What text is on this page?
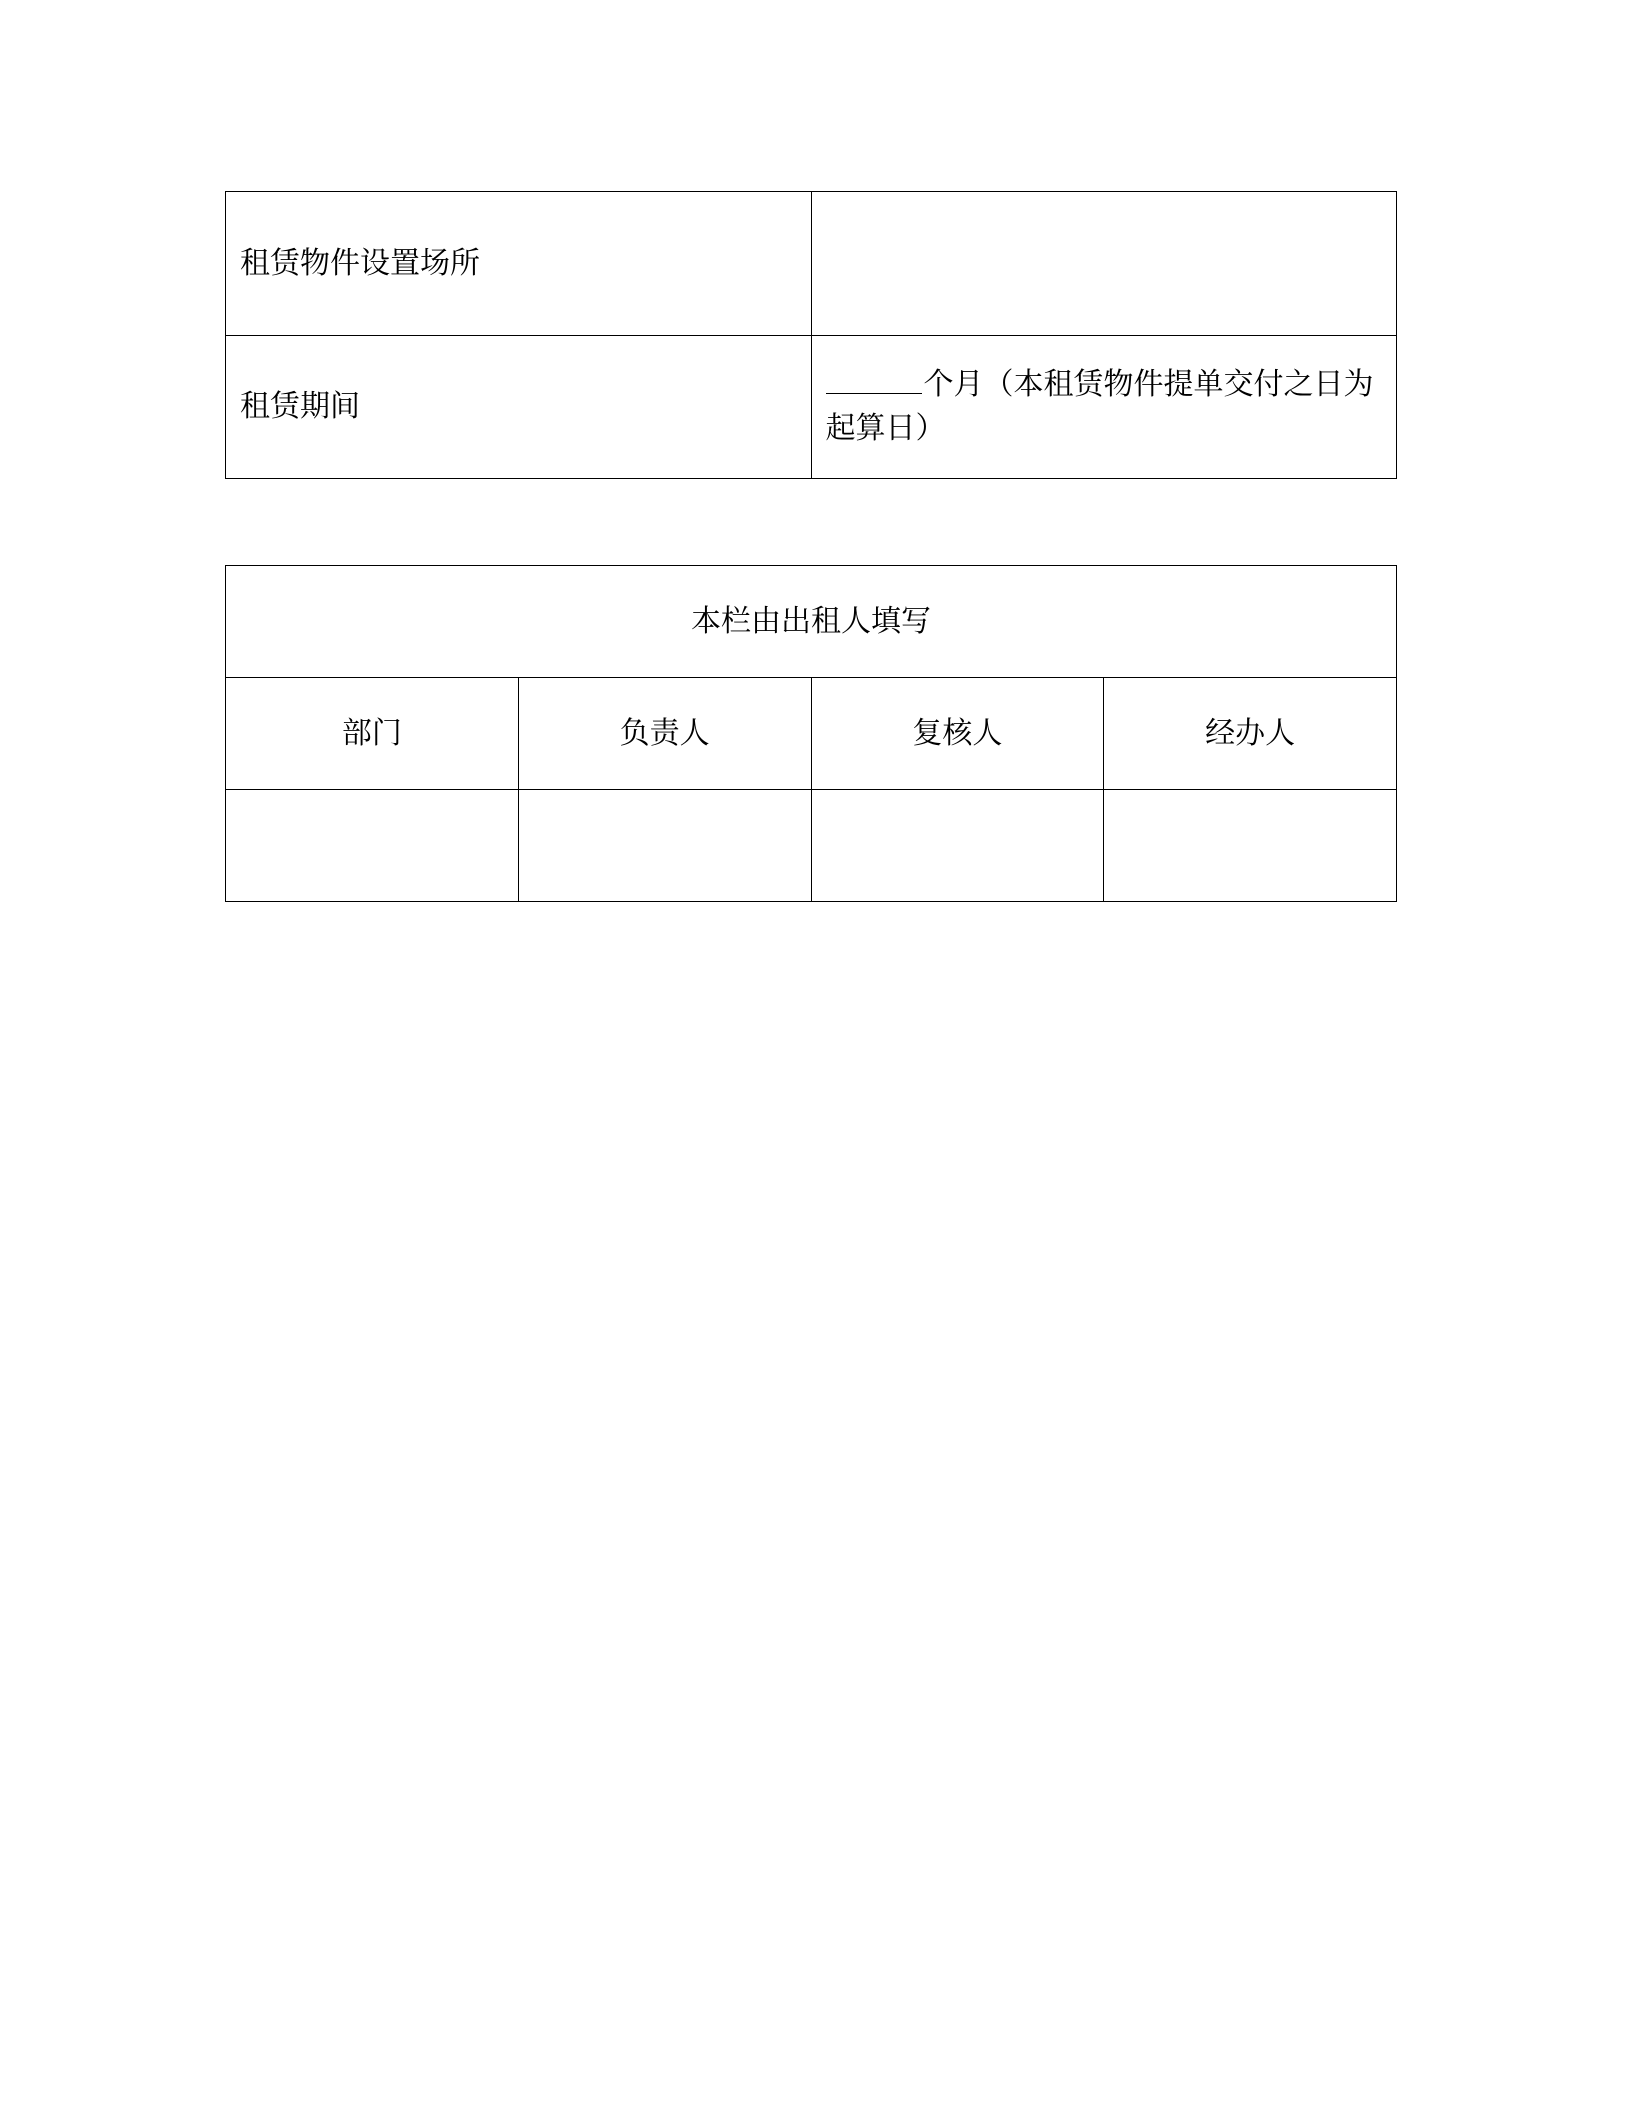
租赁物件设置场所	
租赁期间	个月（本租赁物件提单交付之日为起算日）
本栏由出租人填写			
部门	负责人	复核人	经办人
